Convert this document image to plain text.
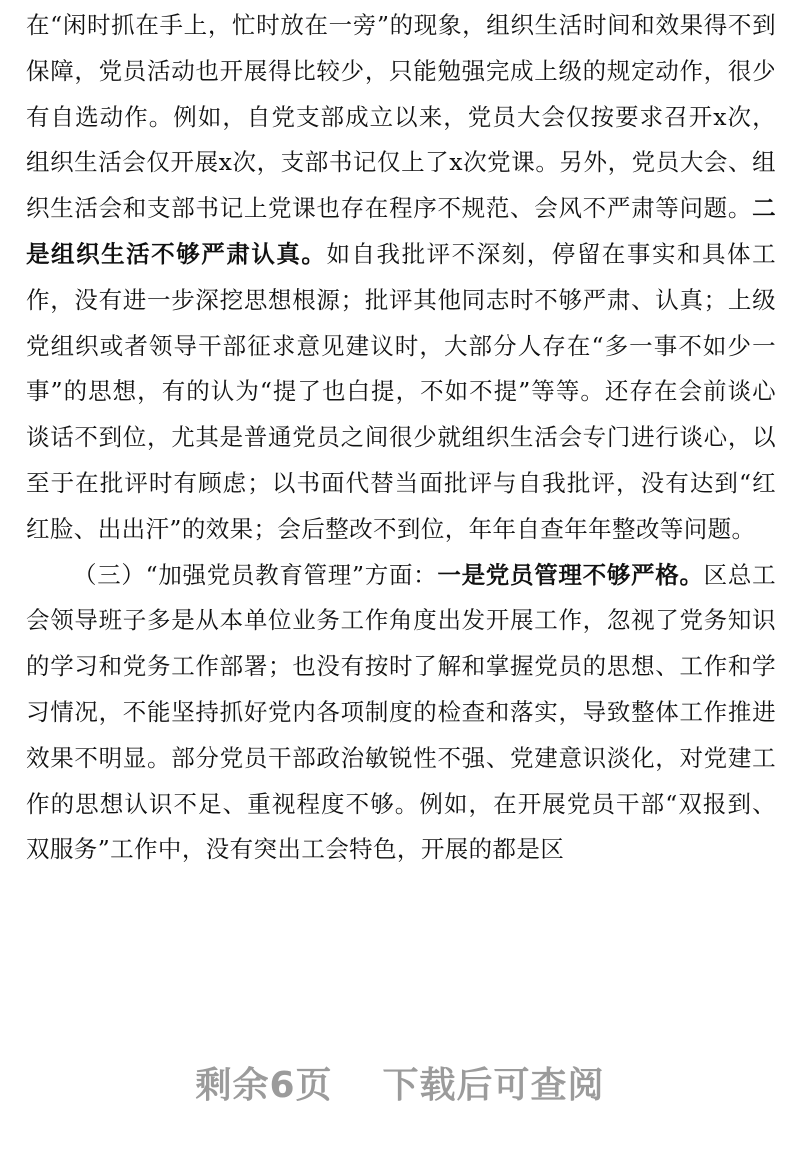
在“闲时抓在手上，忙时放在一旁”的现象，组织生活时间和效果得不到保障，党员活动也开展得比较少，只能勉强完成上级的规定动作，很少有自选动作。例如，自党支部成立以来，党员大会仅按要求召开x次，组织生活会仅开展x次，支部书记仅上了x次党课。另外，党员大会、组织生活会和支部书记上党课也存在程序不规范、会风不严肃等问题。二是组织生活不够严肃认真。如自我批评不深刻，停留在事实和具体工作，没有进一步深挖思想根源；批评其他同志时不够严肃、认真；上级党组织或者领导干部征求意见建议时，大部分人存在“多一事不如少一事”的思想，有的认为“提了也白提，不如不提”等等。还存在会前谈心谈话不到位，尤其是普通党员之间很少就组织生活会专门进行谈心，以至于在批评时有顾虑；以书面代替当面批评与自我批评，没有达到“红红脸、出出汗”的效果；会后整改不到位，年年自查年年整改等问题。

（三）“加强党员教育管理”方面：一是党员管理不够严格。区总工会领导班子多是从本单位业务工作角度出发开展工作，忽视了党务知识的学习和党务工作部署；也没有按时了解和掌握党员的思想、工作和学习情况，不能坚持抓好党内各项制度的检查和落实，导致整体工作推进效果不明显。部分党员干部政治敏锐性不强、党建意识淡化，对党建工作的思想认识不足、重视程度不够。例如，在开展党员干部“双报到、双服务”工作中，没有突出工会特色，开展的都是区

剩余6页 下载后可查阅
